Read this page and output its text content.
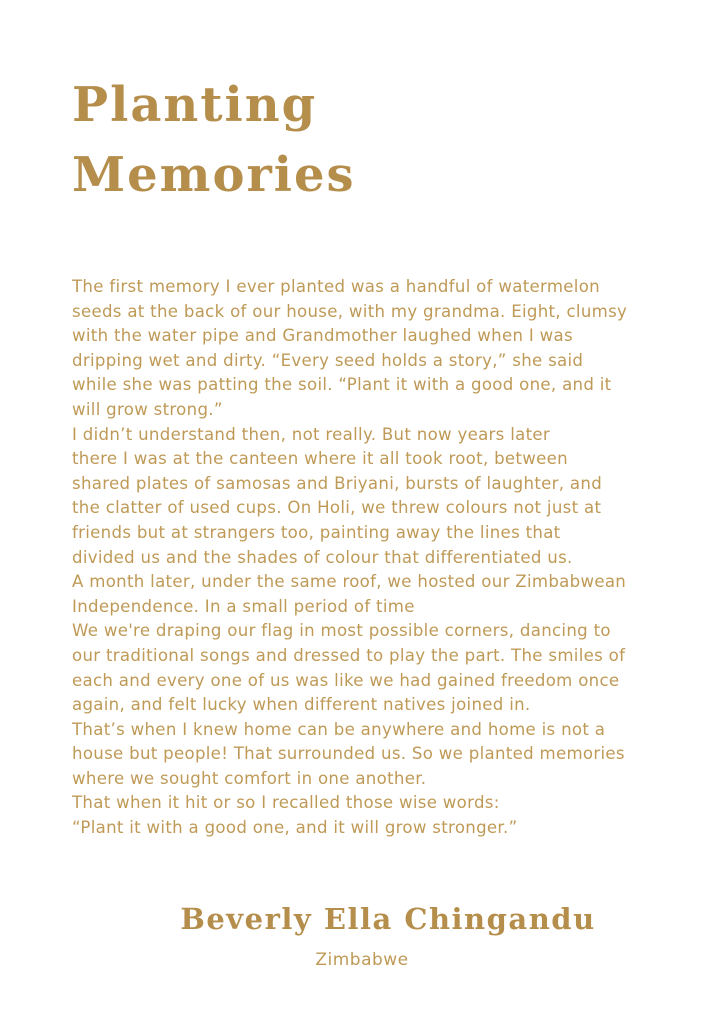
Planting
Memories
The first memory I ever planted was a handful of watermelon
seeds at the back of our house, with my grandma. Eight, clumsy
with the water pipe and Grandmother laughed when I was
dripping wet and dirty. “Every seed holds a story,” she said
while she was patting the soil. “Plant it with a good one, and it
will grow strong.”
I didn’t understand then, not really. But now years later
there I was at the canteen where it all took root, between
shared plates of samosas and Briyani, bursts of laughter, and
the clatter of used cups. On Holi, we threw colours not just at
friends but at strangers too, painting away the lines that
divided us and the shades of colour that differentiated us.
A month later, under the same roof, we hosted our Zimbabwean
Independence. In a small period of time
We we're draping our flag in most possible corners, dancing to
our traditional songs and dressed to play the part. The smiles of
each and every one of us was like we had gained freedom once
again, and felt lucky when different natives joined in.
That’s when I knew home can be anywhere and home is not a
house but people! That surrounded us. So we planted memories
where we sought comfort in one another.
That when it hit or so I recalled those wise words:
“Plant it with a good one, and it will grow stronger.”
Beverly Ella Chingandu
Zimbabwe
